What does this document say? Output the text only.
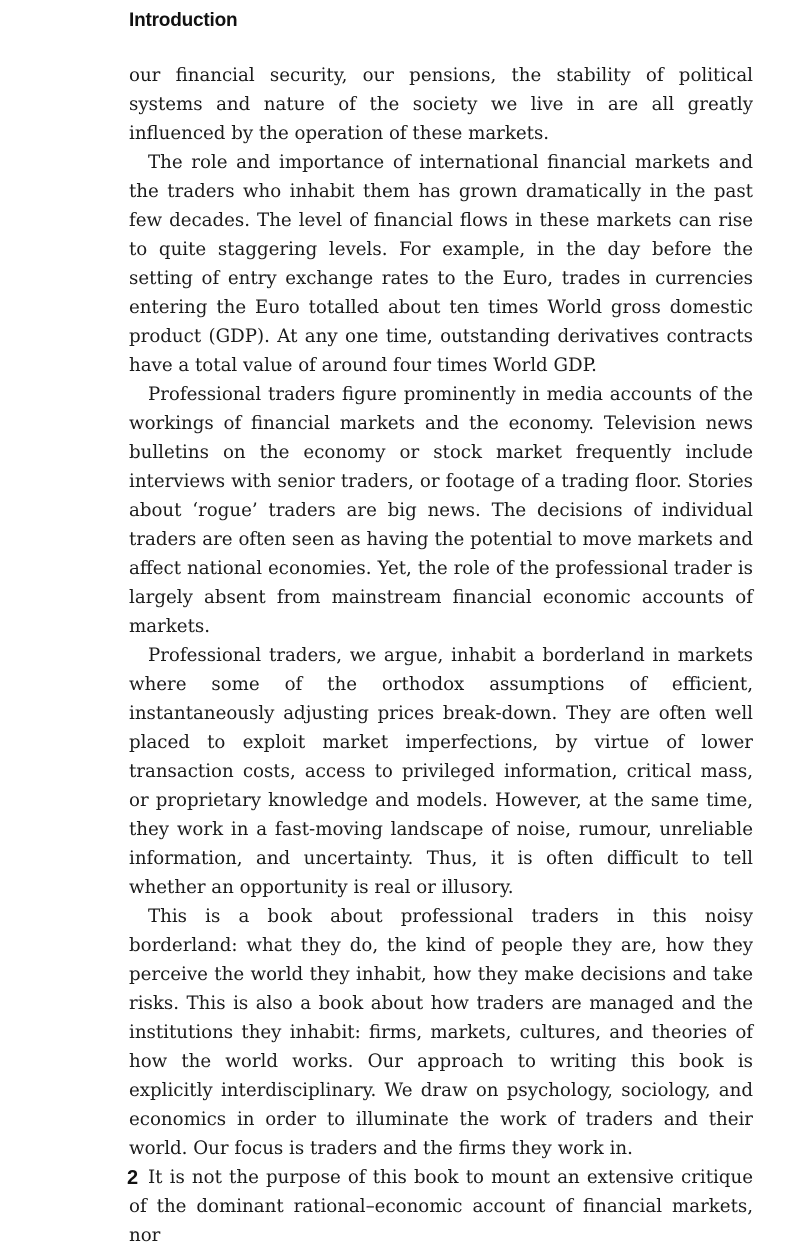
Introduction

our financial security, our pensions, the stability of political systems and nature of the society we live in are all greatly influenced by the operation of these markets.

The role and importance of international financial markets and the traders who inhabit them has grown dramatically in the past few decades. The level of financial flows in these markets can rise to quite staggering levels. For example, in the day before the setting of entry exchange rates to the Euro, trades in currencies entering the Euro totalled about ten times World gross domestic product (GDP). At any one time, outstanding derivatives contracts have a total value of around four times World GDP.

Professional traders figure prominently in media accounts of the workings of financial markets and the economy. Television news bulletins on the economy or stock market frequently include interviews with senior traders, or footage of a trading floor. Stories about ‘rogue’ traders are big news. The decisions of individual traders are often seen as having the potential to move markets and affect national economies. Yet, the role of the professional trader is largely absent from mainstream financial economic accounts of markets.

Professional traders, we argue, inhabit a borderland in markets where some of the orthodox assumptions of efficient, instantaneously adjusting prices break-down. They are often well placed to exploit market imperfections, by virtue of lower transaction costs, access to privileged information, critical mass, or proprietary knowledge and models. However, at the same time, they work in a fast-moving landscape of noise, rumour, unreliable information, and uncertainty. Thus, it is often difficult to tell whether an opportunity is real or illusory.

This is a book about professional traders in this noisy borderland: what they do, the kind of people they are, how they perceive the world they inhabit, how they make decisions and take risks. This is also a book about how traders are managed and the institutions they inhabit: firms, markets, cultures, and theories of how the world works. Our approach to writing this book is explicitly interdisciplinary. We draw on psychology, sociology, and economics in order to illuminate the work of traders and their world. Our focus is traders and the firms they work in.

It is not the purpose of this book to mount an extensive critique of the dominant rational–economic account of financial markets, nor

2
